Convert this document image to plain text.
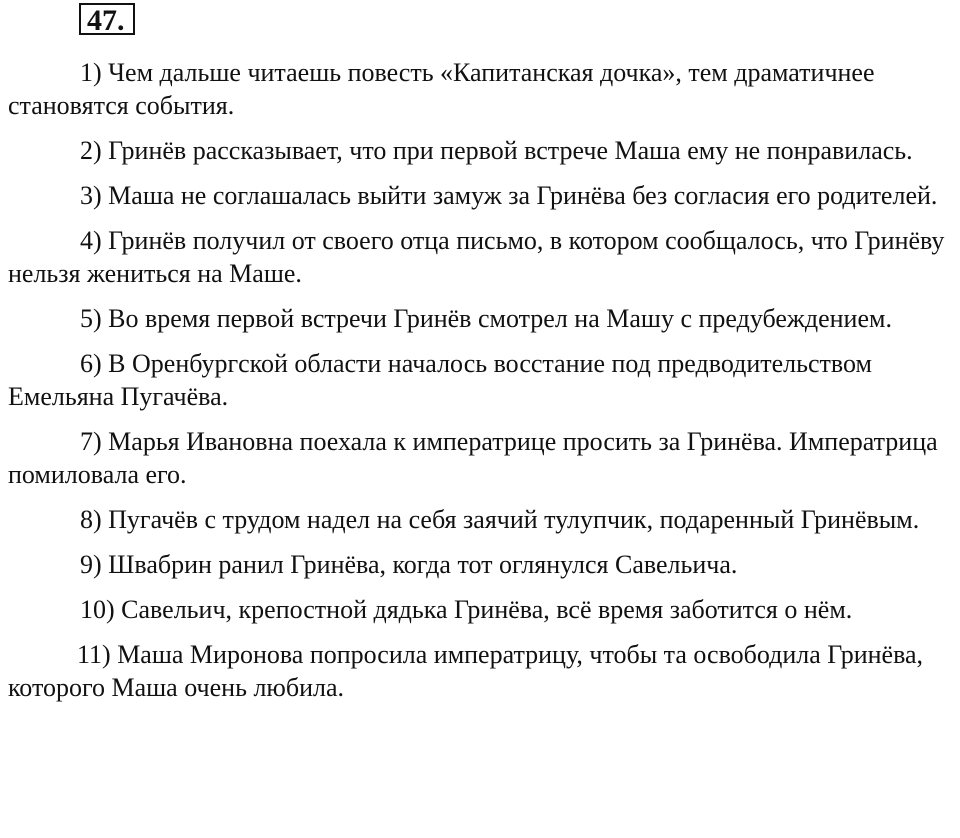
47.
1) Чем дальше читаешь повесть «Капитанская дочка», тем драматичнее становятся события.
2) Гринёв рассказывает, что при первой встрече Маша ему не понравилась.
3) Маша не соглашалась выйти замуж за Гринёва без согласия его родителей.
4) Гринёв получил от своего отца письмо, в котором сообщалось, что Гринёву нельзя жениться на Маше.
5) Во время первой встречи Гринёв смотрел на Машу с предубеждением.
6) В Оренбургской области началось восстание под предводительством Емельяна Пугачёва.
7) Марья Ивановна поехала к императрице просить за Гринёва. Императрица помиловала его.
8) Пугачёв с трудом надел на себя заячий тулупчик, подаренный Гринёвым.
9) Швабрин ранил Гринёва, когда тот оглянулся Савельича.
10) Савельич, крепостной дядька Гринёва, всё время заботится о нём.
11) Маша Миронова попросила императрицу, чтобы та освободила Гринёва, которого Маша очень любила.
